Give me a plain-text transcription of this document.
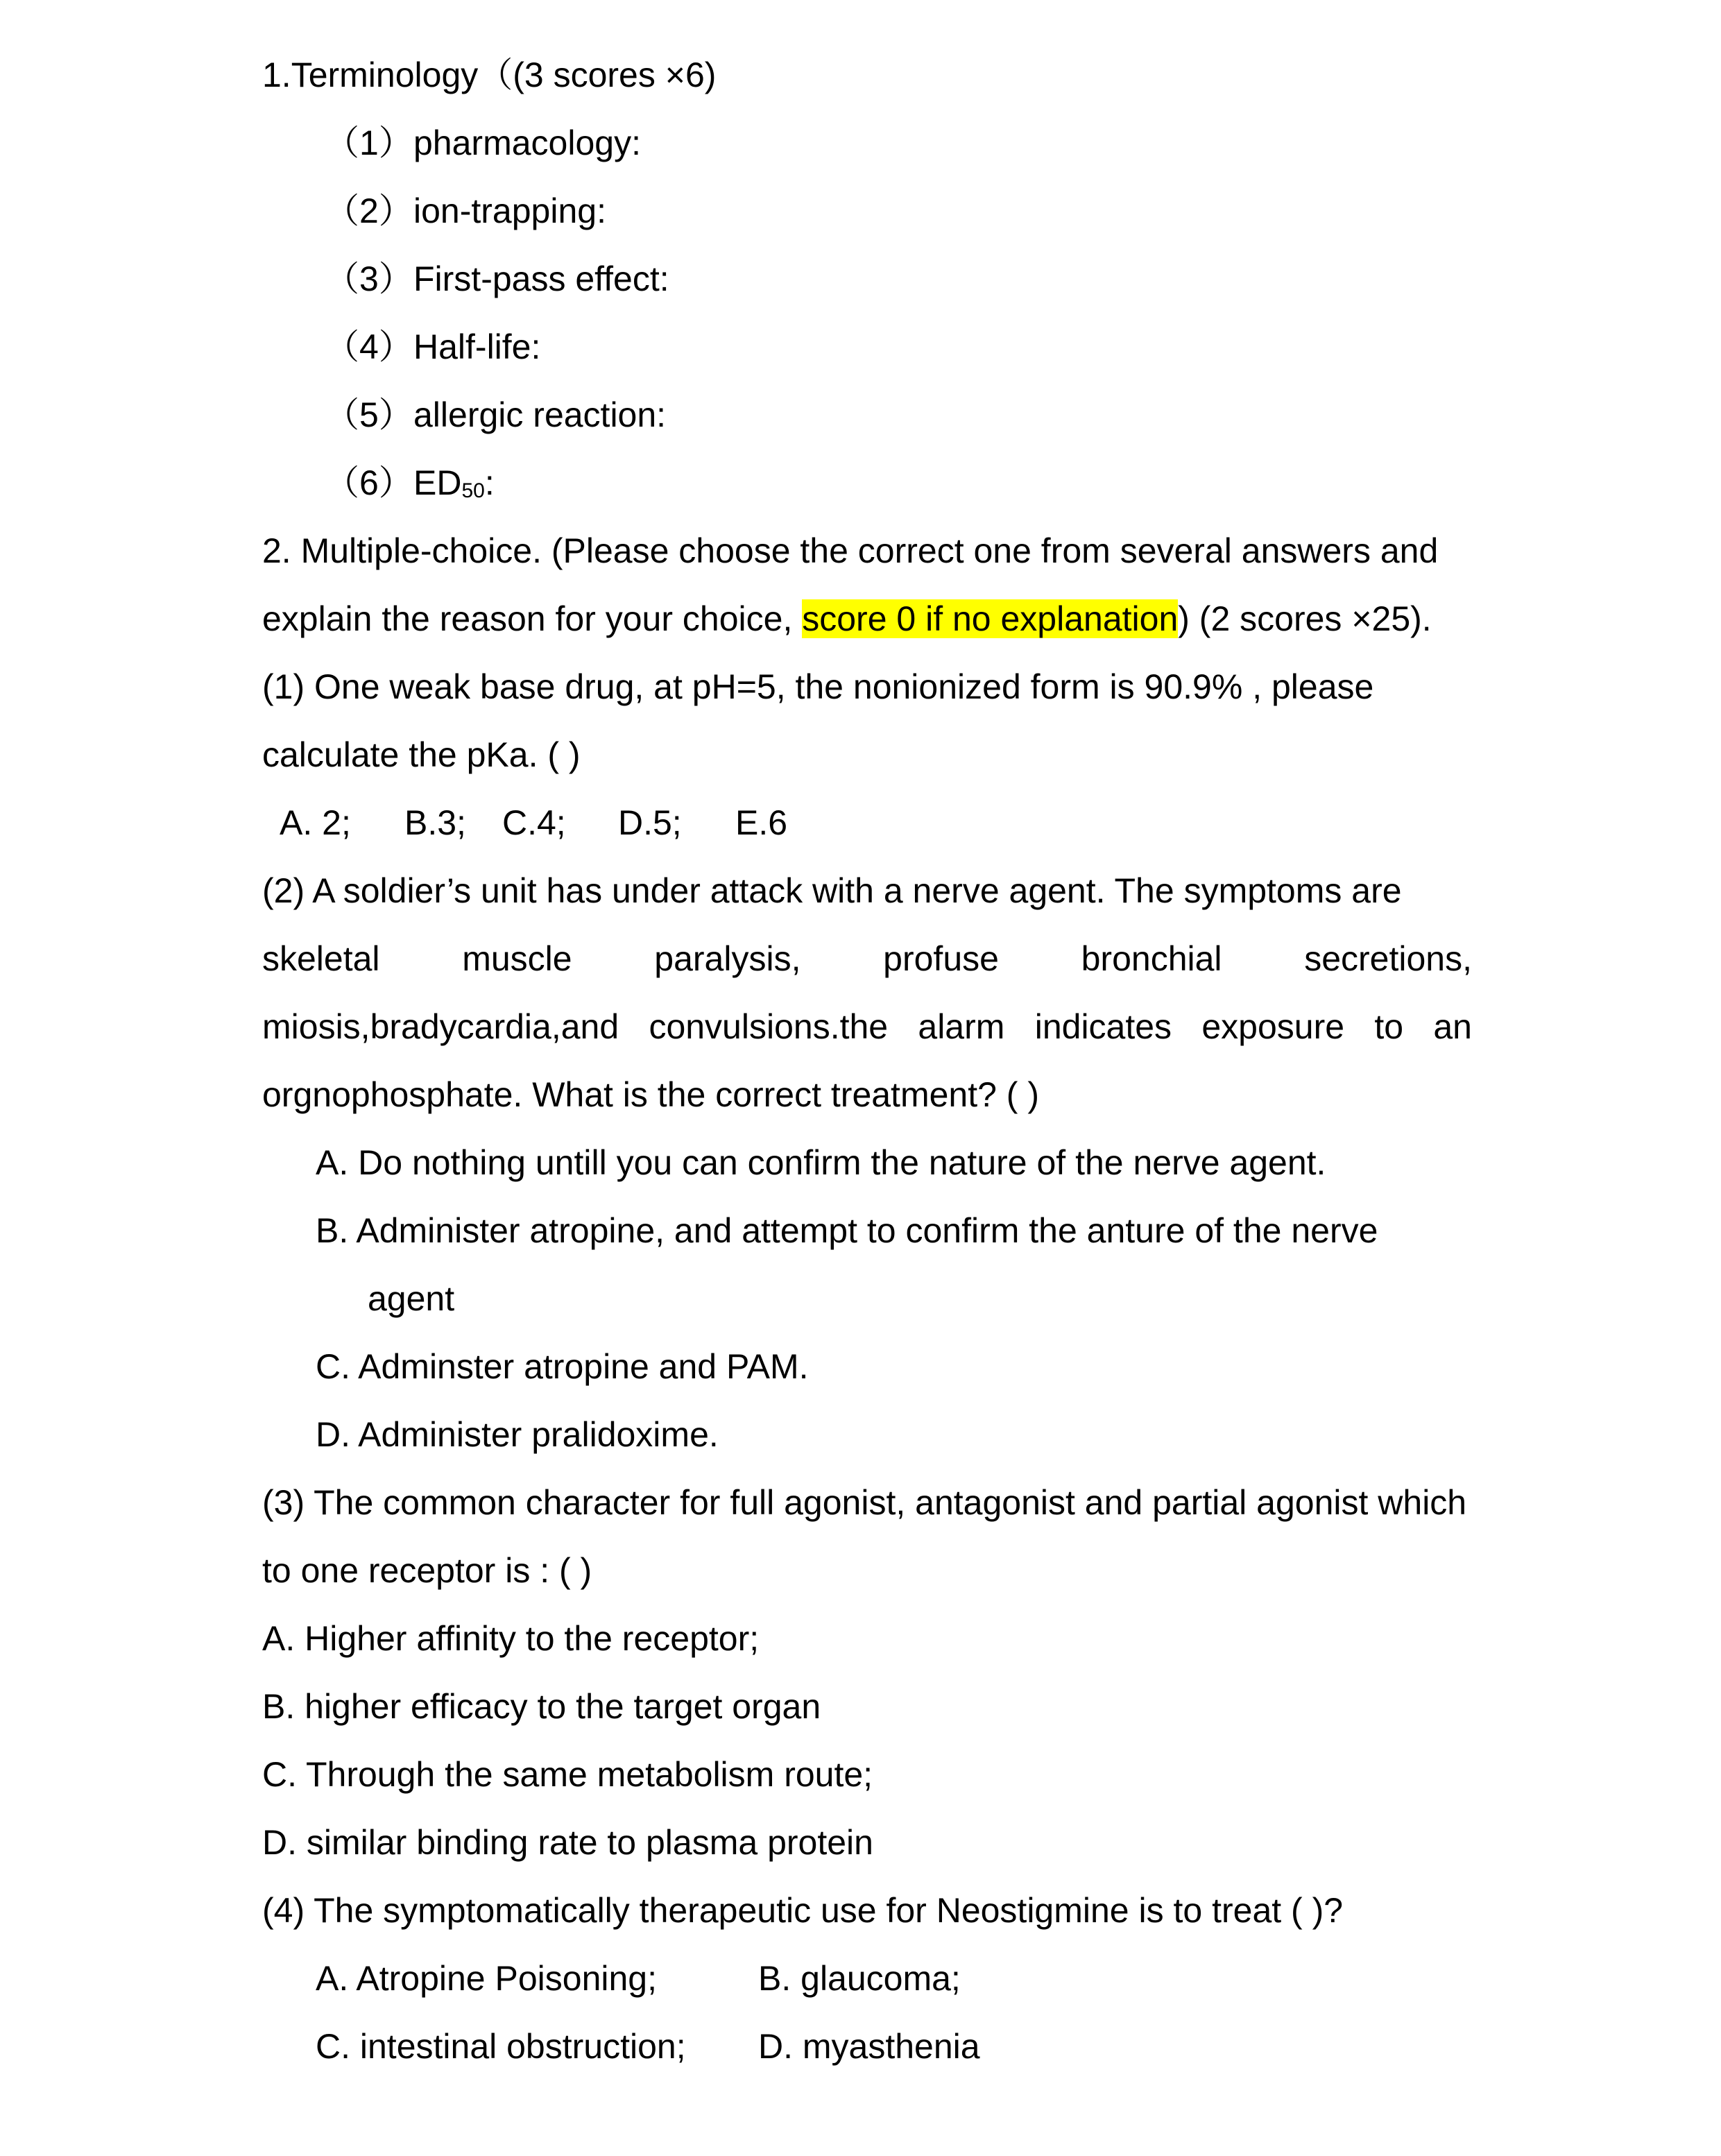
1.Terminology（(3 scores ×6)
（1）pharmacology:
（2）ion-trapping:
（3）First-pass effect:
（4）Half-life:
（5）allergic reaction:
$(6)ED_{50}$:
2. Multiple-choice. (Please choose the correct one from several answers and
explain the reason for your choice, score 0 if no explanation) (2 scores ×25).
(1) One weak base drug, at pH=5, the nonionized form is 90.9% , please
calculate the pKa. ( )
A. 2; B.3; C.4; D.5; E.6
(2) A soldier’s unit has under attack with a nerve agent. The symptoms are
skeletal muscle paralysis, profuse bronchial secretions,
miosis,bradycardia,and convulsions.the alarm indicates exposure to an
orgnophosphate. What is the correct treatment? ( )
A. Do nothing untill you can confirm the nature of the nerve agent.
B. Administer atropine, and attempt to confirm the anture of the nerve
agent
C. Adminster atropine and PAM.
D. Administer pralidoxime.
(3) The common character for full agonist, antagonist and partial agonist which
to one receptor is : ( )
A. Higher affinity to the receptor;
B. higher efficacy to the target organ
C. Through the same metabolism route;
D. similar binding rate to plasma protein
(4) The symptomatically therapeutic use for Neostigmine is to treat ( )?
A. Atropine Poisoning;	B. glaucoma;
C. intestinal obstruction; D. myasthenia
